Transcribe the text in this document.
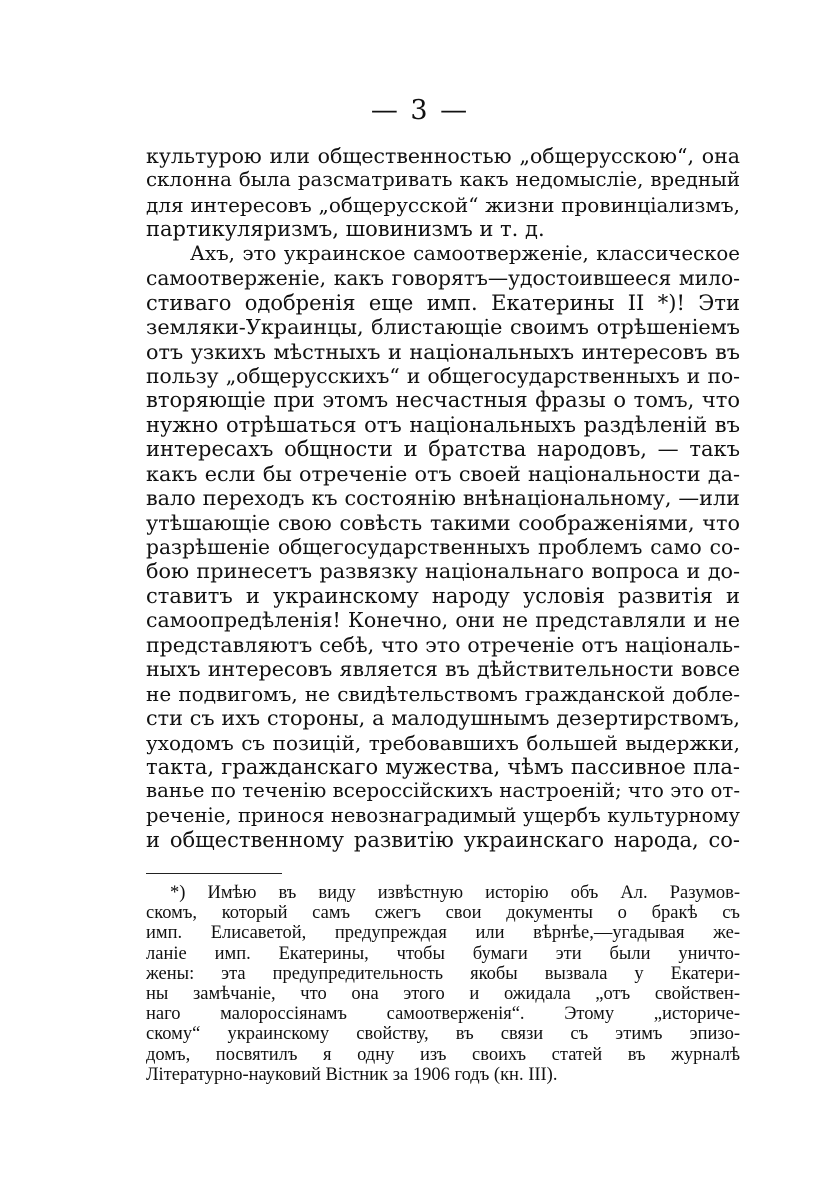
— 3 —
культурою или общественностью „общерусскою“, она
склонна была разсматривать какъ недомысліе, вредный
для интересовъ „общерусской“ жизни провинціализмъ,
партикуляризмъ, шовинизмъ и т. д.
Ахъ, это украинское самоотверженіе, классическое
самоотверженіе, какъ говорятъ—удостоившееся мило-
стиваго одобренія еще имп. Екатерины II *)! Эти
земляки-Украинцы, блистающіе своимъ отрѣшеніемъ
отъ узкихъ мѣстныхъ и національныхъ интересовъ въ
пользу „общерусскихъ“ и общегосударственныхъ и по-
вторяющіе при этомъ несчастныя фразы о томъ, что
нужно отрѣшаться отъ національныхъ раздѣленій въ
интересахъ общности и братства народовъ, — такъ
какъ если бы отреченіе отъ своей національности да-
вало переходъ къ состоянію внѣнаціональному, —или
утѣшающіе свою совѣсть такими соображеніями, что
разрѣшеніе общегосударственныхъ проблемъ само со-
бою принесетъ развязку національнаго вопроса и до-
ставитъ и украинскому народу условія развитія и
самоопредѣленія! Конечно, они не представляли и не
представляютъ себѣ, что это отреченіе отъ національ-
ныхъ интересовъ является въ дѣйствительности вовсе
не подвигомъ, не свидѣтельствомъ гражданской добле-
сти съ ихъ стороны, а малодушнымъ дезертирствомъ,
уходомъ съ позицій, требовавшихъ большей выдержки,
такта, гражданскаго мужества, чѣмъ пассивное пла-
ванье по теченію всероссійскихъ настроеній; что это от-
реченіе, принося невознаградимый ущербъ культурному
и общественному развитію украинскаго народа, со-
*) Имѣю въ виду извѣстную исторію объ Ал. Разумов-
скомъ, который самъ сжегъ свои документы о бракѣ съ
имп. Елисаветой, предупреждая или вѣрнѣе,—угадывая же-
ланіе имп. Екатерины, чтобы бумаги эти были уничто-
жены: эта предупредительность якобы вызвала у Екатери-
ны замѣчаніе, что она этого и ожидала „отъ свойствен-
наго малороссіянамъ самоотверженія“. Этому „историче-
скому“ украинскому свойству, въ связи съ этимъ эпизо-
домъ, посвятилъ я одну изъ своихъ статей въ журналѣ
Літературно-науковий Вістник за 1906 годъ (кн. III).
